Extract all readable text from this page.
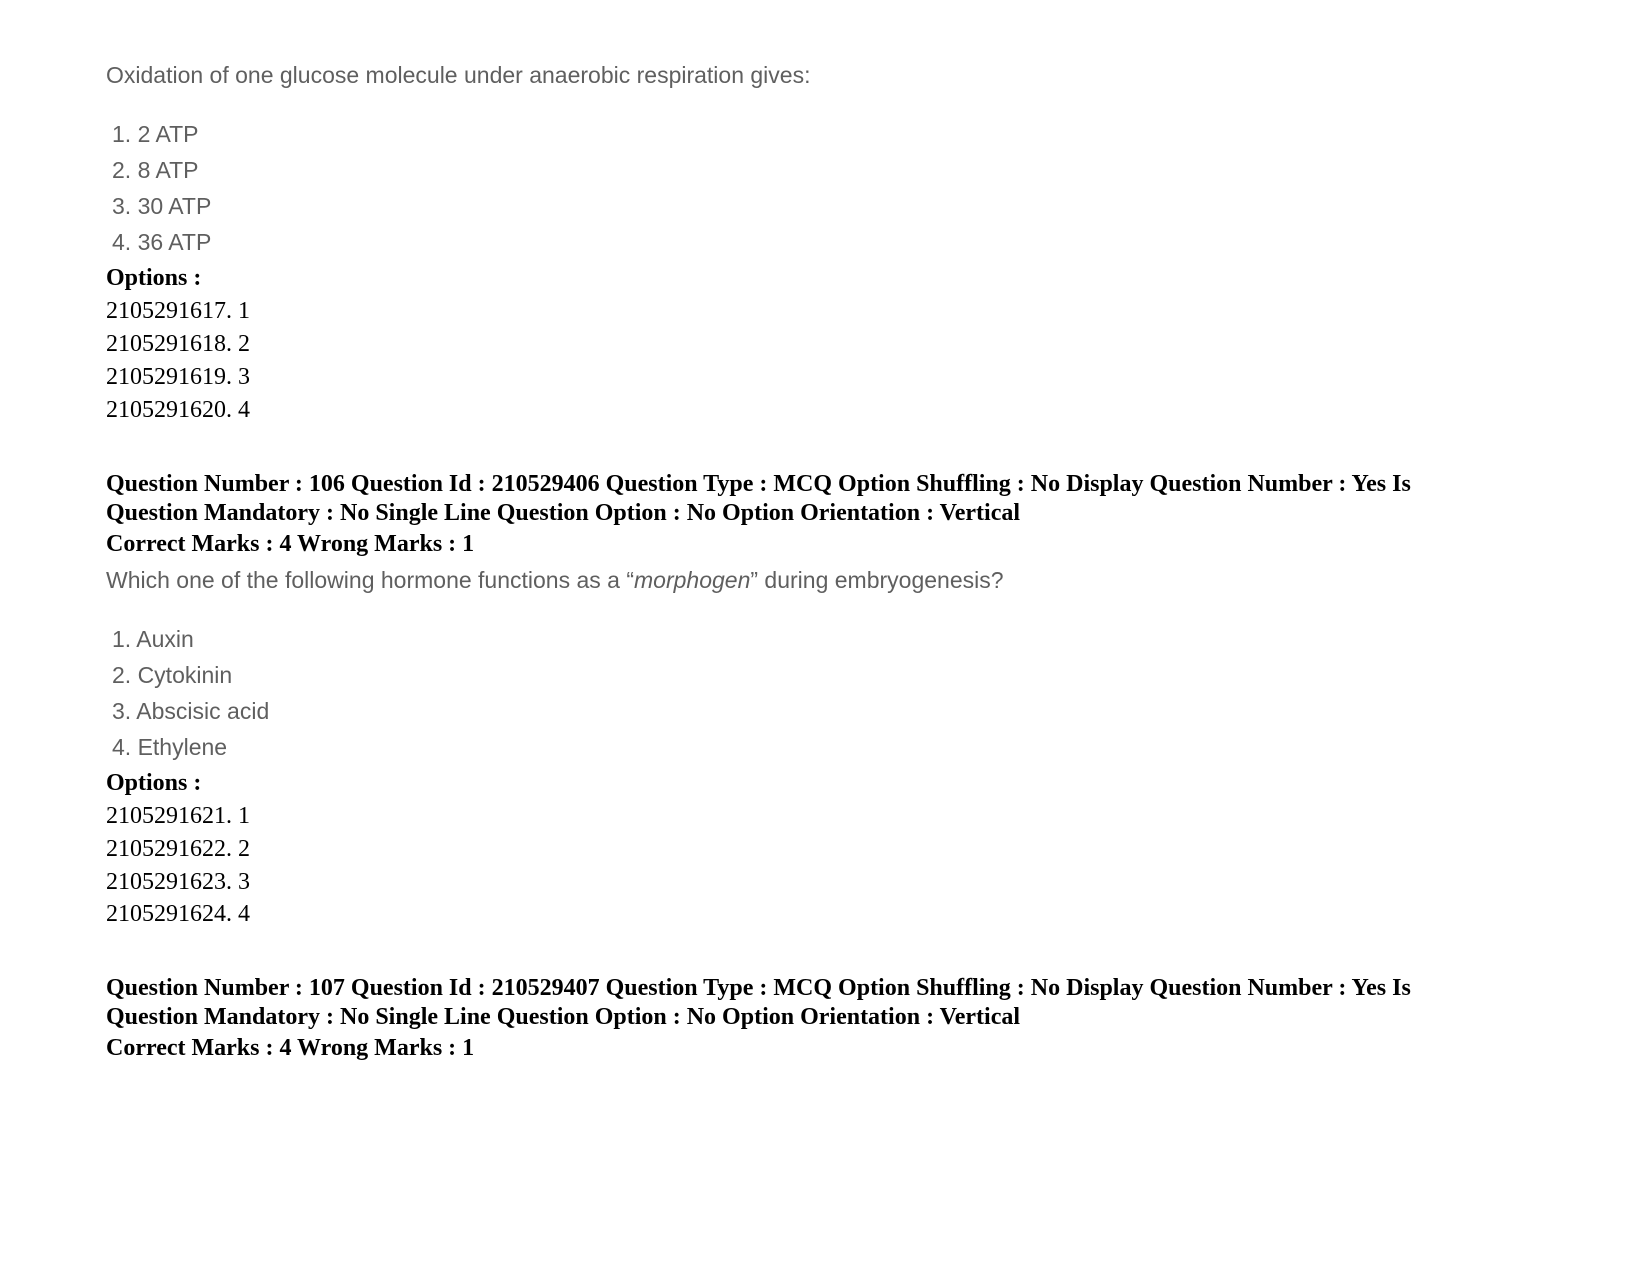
Oxidation of one glucose molecule under anaerobic respiration gives:
1. 2 ATP
2. 8 ATP
3. 30 ATP
4. 36 ATP
Options :
2105291617. 1
2105291618. 2
2105291619. 3
2105291620. 4
Question Number : 106 Question Id : 210529406 Question Type : MCQ Option Shuffling : No Display Question Number : Yes Is
Question Mandatory : No Single Line Question Option : No Option Orientation : Vertical
Correct Marks : 4 Wrong Marks : 1
Which one of the following hormone functions as a “morphogen” during embryogenesis?
1. Auxin
2. Cytokinin
3. Abscisic acid
4. Ethylene
Options :
2105291621. 1
2105291622. 2
2105291623. 3
2105291624. 4
Question Number : 107 Question Id : 210529407 Question Type : MCQ Option Shuffling : No Display Question Number : Yes Is
Question Mandatory : No Single Line Question Option : No Option Orientation : Vertical
Correct Marks : 4 Wrong Marks : 1
